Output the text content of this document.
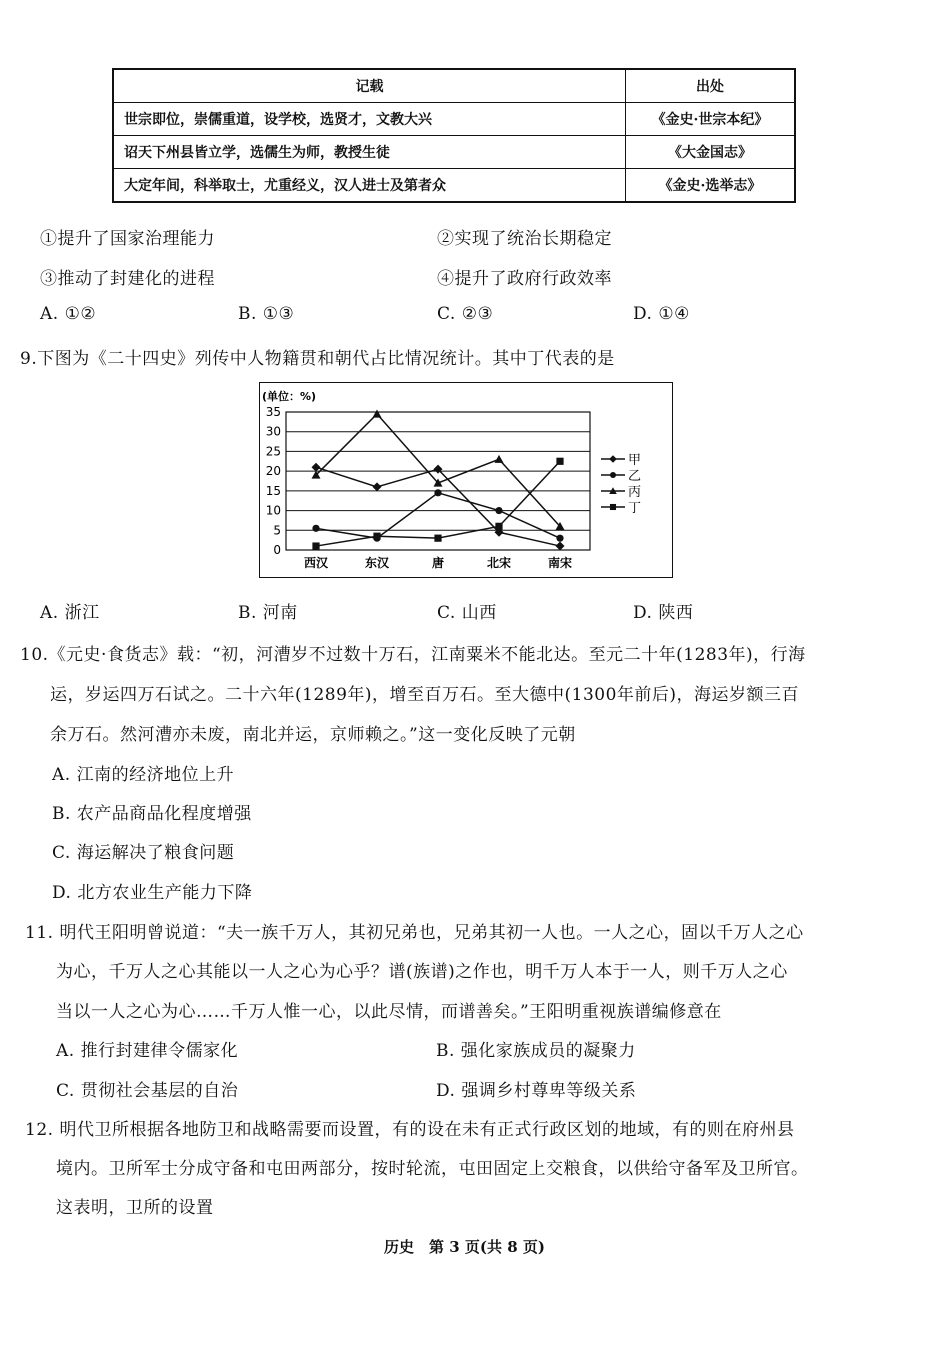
记载	出处
世宗即位，崇儒重道，设学校，选贤才，文教大兴	《金史·世宗本纪》
诏天下州县皆立学，选儒生为师，教授生徒	《大金国志》
大定年间，科举取士，尤重经义，汉人进士及第者众	《金史·选举志》
①提升了国家治理能力	②实现了统治长期稳定
③推动了封建化的进程	④提升了政府行政效率
A. ①②	B. ①③	C. ②③	D. ①④
9.下图为《二十四史》列传中人物籍贯和朝代占比情况统计。其中丁代表的是
0
5
10
15
20
25
30
35
(单位：%)
西汉	东汉	唐	北宋	南宋
甲
乙
丙
丁
A. 浙江	B. 河南	C. 山西	D. 陕西
10.《元史·食货志》载：“初，河漕岁不过数十万石，江南粟米不能北达。至元二十年(1283年)，行海
运，岁运四万石试之。二十六年(1289年)，增至百万石。至大德中(1300年前后)，海运岁额三百
余万石。然河漕亦未废，南北并运，京师赖之。”这一变化反映了元朝
A. 江南的经济地位上升
B. 农产品商品化程度增强
C. 海运解决了粮食问题
D. 北方农业生产能力下降
11. 明代王阳明曾说道：“夫一族千万人，其初兄弟也，兄弟其初一人也。一人之心，固以千万人之心
为心，千万人之心其能以一人之心为心乎？谱(族谱)之作也，明千万人本于一人，则千万人之心
当以一人之心为心……千万人惟一心，以此尽情，而谱善矣。”王阳明重视族谱编修意在
A. 推行封建律令儒家化	B. 强化家族成员的凝聚力
C. 贯彻社会基层的自治	D. 强调乡村尊卑等级关系
12. 明代卫所根据各地防卫和战略需要而设置，有的设在未有正式行政区划的地域，有的则在府州县
境内。卫所军士分成守备和屯田两部分，按时轮流，屯田固定上交粮食，以供给守备军及卫所官。
这表明，卫所的设置
历史　第 3 页(共 8 页)
